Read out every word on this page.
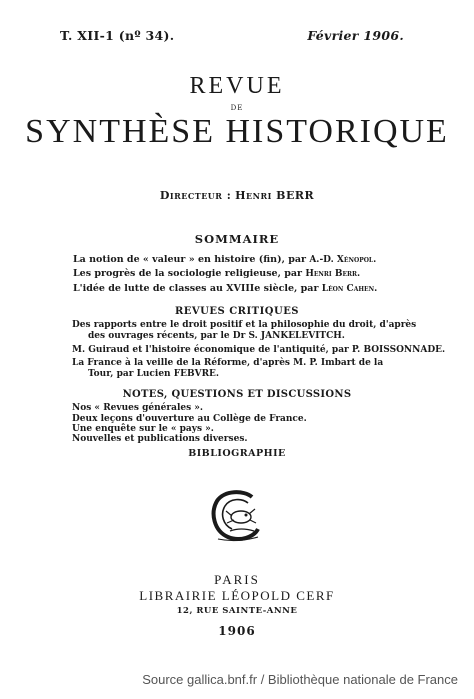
T. XII-1 (nº 34).	Février 1906.
REVUE
DE
SYNTHÈSE HISTORIQUE
Directeur : Henri BERR
SOMMAIRE
La notion de « valeur » en histoire (fin), par A.-D. Xénopol.
Les progrès de la sociologie religieuse, par Henri Berr.
L'idée de lutte de classes au XVIIIe siècle, par Léon Cahen.
REVUES CRITIQUES
Des rapports entre le droit positif et la philosophie du droit, d'après
des ouvrages récents, par le Dr S. JANKELEVITCH.
M. Guiraud et l'histoire économique de l'antiquité, par P. BOISSONNADE.
La France à la veille de la Réforme, d'après M. P. Imbart de la
Tour, par Lucien FEBVRE.
NOTES, QUESTIONS ET DISCUSSIONS
Nos « Revues générales ».
Deux leçons d'ouverture au Collège de France.
Une enquête sur le « pays ».
Nouvelles et publications diverses.
BIBLIOGRAPHIE
PARIS
LIBRAIRIE LÉOPOLD CERF
12, RUE SAINTE-ANNE
1906
Source gallica.bnf.fr / Bibliothèque nationale de France
